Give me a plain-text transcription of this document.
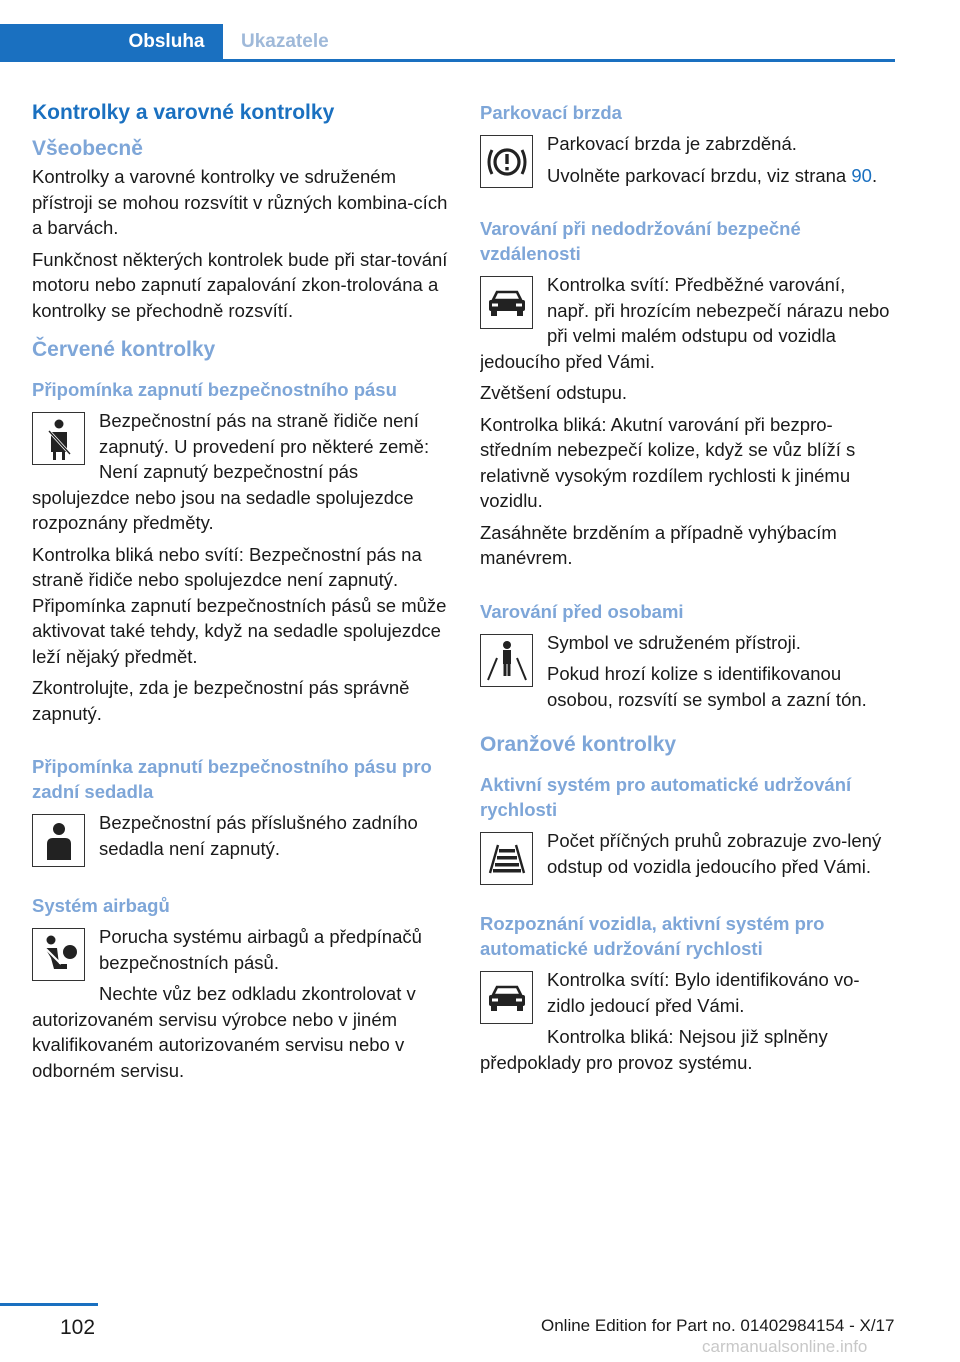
Obsluha Ukazatele
Kontrolky a varovné kontrolky
Všeobecně

Kontrolky a varovné kontrolky ve sdruženém přístroji se mohou rozsvítit v různých kombina-cích a barvách.

Funkčnost některých kontrolek bude při star-tování motoru nebo zapnutí zapalování zkon-trolována a kontrolky se přechodně rozsvítí.

Červené kontrolky
Připomínka zapnutí bezpečnostního pásu

Bezpečnostní pás na straně řidiče není zapnutý. U provedení pro některé země: Není zapnutý bezpečnostní pás spolujezdce nebo jsou na sedadle spolujezdce rozpoznány předměty.

Kontrolka bliká nebo svítí: Bezpečnostní pás na straně řidiče nebo spolujezdce není zapnutý. Připomínka zapnutí bezpečnostních pásů se může aktivovat také tehdy, když na sedadle spolujezdce leží nějaký předmět.

Zkontrolujte, zda je bezpečnostní pás správně zapnutý.

Připomínka zapnutí bezpečnostního pásu pro zadní sedadla

Bezpečnostní pás příslušného zadního sedadla není zapnutý.

Systém airbagů

Porucha systému airbagů a předpínačů bezpečnostních pásů.

Nechte vůz bez odkladu zkontrolovat v autorizovaném servisu výrobce nebo v jiném kvalifikovaném autorizovaném servisu nebo v odborném servisu.

Parkovací brzda

Parkovací brzda je zabrzděná.

Uvolněte parkovací brzdu, viz strana 90.

Varování při nedodržování bezpečné vzdálenosti

Kontrolka svítí: Předběžné varování, např. při hrozícím nebezpečí nárazu nebo při velmi malém odstupu od vozidla jedoucího před Vámi.

Zvětšení odstupu.

Kontrolka bliká: Akutní varování při bezpro-středním nebezpečí kolize, když se vůz blíží s relativně vysokým rozdílem rychlosti k jinému vozidlu.

Zasáhněte brzděním a případně vyhýbacím manévrem.

Varování před osobami

Symbol ve sdruženém přístroji.

Pokud hrozí kolize s identifikovanou osobou, rozsvítí se symbol a zazní tón.

Oranžové kontrolky
Aktivní systém pro automatické udržování rychlosti

Počet příčných pruhů zobrazuje zvo-lený odstup od vozidla jedoucího před Vámi.

Rozpoznání vozidla, aktivní systém pro automatické udržování rychlosti

Kontrolka svítí: Bylo identifikováno vo-zidlo jedoucí před Vámi.

Kontrolka bliká: Nejsou již splněny předpoklady pro provoz systému.

102	Online Edition for Part no. 01402984154 - X/17
carmanualsonline.info
